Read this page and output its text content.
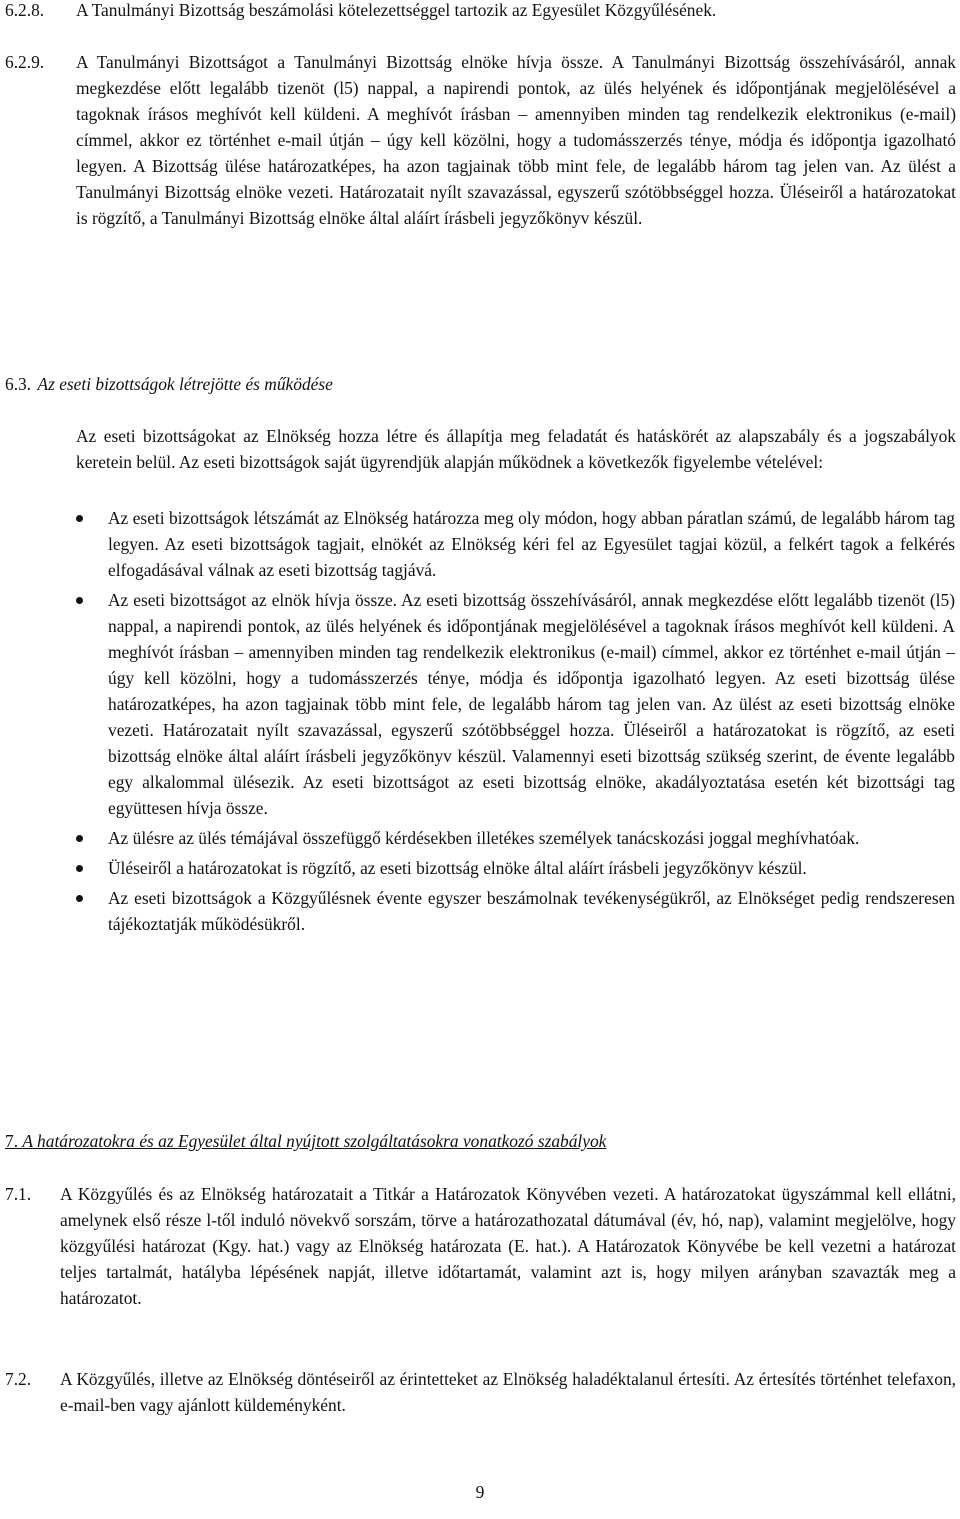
6.2.8. A Tanulmányi Bizottság beszámolási kötelezettséggel tartozik az Egyesület Közgyűlésének.

6.2.9. A Tanulmányi Bizottságot a Tanulmányi Bizottság elnöke hívja össze. A Tanulmányi Bizottság összehívásáról, annak megkezdése előtt legalább tizenöt (l5) nappal, a napirendi pontok, az ülés helyének és időpontjának megjelölésével a tagoknak írásos meghívót kell küldeni. A meghívót írásban – amennyiben minden tag rendelkezik elektronikus (e-mail) címmel, akkor ez történhet e-mail útján – úgy kell közölni, hogy a tudomásszerzés ténye, módja és időpontja igazolható legyen. A Bizottság ülése határozatképes, ha azon tagjainak több mint fele, de legalább három tag jelen van. Az ülést a Tanulmányi Bizottság elnöke vezeti. Határozatait nyílt szavazással, egyszerű szótöbbséggel hozza. Üléseiről a határozatokat is rögzítő, a Tanulmányi Bizottság elnöke által aláírt írásbeli jegyzőkönyv készül.

6.3. Az eseti bizottságok létrejötte és működése

Az eseti bizottságokat az Elnökség hozza létre és állapítja meg feladatát és hatáskörét az alapszabály és a jogszabályok keretein belül. Az eseti bizottságok saját ügyrendjük alapján működnek a következők figyelembe vételével:

Az eseti bizottságok létszámát az Elnökség határozza meg oly módon, hogy abban páratlan számú, de legalább három tag legyen. Az eseti bizottságok tagjait, elnökét az Elnökség kéri fel az Egyesület tagjai közül, a felkért tagok a felkérés elfogadásával válnak az eseti bizottság tagjává.
Az eseti bizottságot az elnök hívja össze. Az eseti bizottság összehívásáról, annak megkezdése előtt legalább tizenöt (l5) nappal, a napirendi pontok, az ülés helyének és időpontjának megjelölésével a tagoknak írásos meghívót kell küldeni. A meghívót írásban – amennyiben minden tag rendelkezik elektronikus (e-mail) címmel, akkor ez történhet e-mail útján – úgy kell közölni, hogy a tudomásszerzés ténye, módja és időpontja igazolható legyen. Az eseti bizottság ülése határozatképes, ha azon tagjainak több mint fele, de legalább három tag jelen van. Az ülést az eseti bizottság elnöke vezeti. Határozatait nyílt szavazással, egyszerű szótöbbséggel hozza. Üléseiről a határozatokat is rögzítő, az eseti bizottság elnöke által aláírt írásbeli jegyzőkönyv készül. Valamennyi eseti bizottság szükség szerint, de évente legalább egy alkalommal ülésezik. Az eseti bizottságot az eseti bizottság elnöke, akadályoztatása esetén két bizottsági tag együttesen hívja össze.
Az ülésre az ülés témájával összefüggő kérdésekben illetékes személyek tanácskozási joggal meghívhatóak.
Üléseiről a határozatokat is rögzítő, az eseti bizottság elnöke által aláírt írásbeli jegyzőkönyv készül.
Az eseti bizottságok a Közgyűlésnek évente egyszer beszámolnak tevékenységükről, az Elnökséget pedig rendszeresen tájékoztatják működésükről.
7. A határozatokra és az Egyesület által nyújtott szolgáltatásokra vonatkozó szabályok
7.1. A Közgyűlés és az Elnökség határozatait a Titkár a Határozatok Könyvében vezeti. A határozatokat ügyszámmal kell ellátni, amelynek első része l-től induló növekvő sorszám, törve a határozathozatal dátumával (év, hó, nap), valamint megjelölve, hogy közgyűlési határozat (Kgy. hat.) vagy az Elnökség határozata (E. hat.). A Határozatok Könyvébe be kell vezetni a határozat teljes tartalmát, hatályba lépésének napját, illetve időtartamát, valamint azt is, hogy milyen arányban szavazták meg a határozatot.

7.2. A Közgyűlés, illetve az Elnökség döntéseiről az érintetteket az Elnökség haladéktalanul értesíti. Az értesítés történhet telefaxon, e-mail-ben vagy ajánlott küldeményként.

9
